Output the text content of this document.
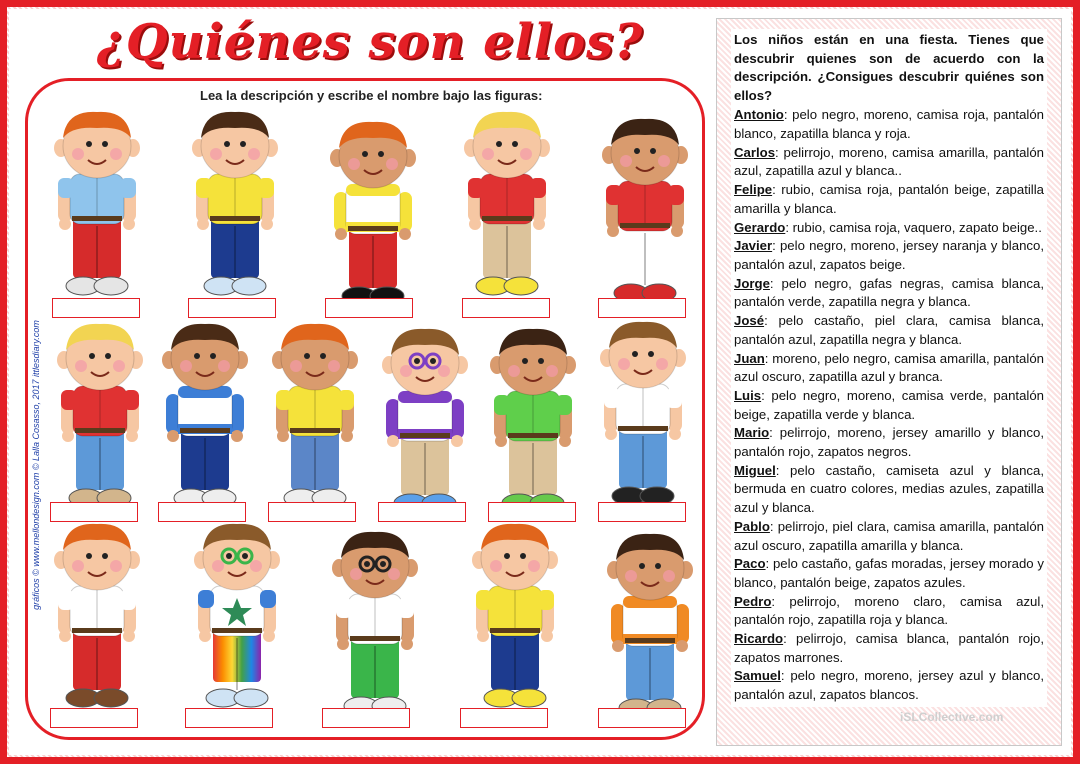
¿Quiénes son ellos?
Lea la descripción y escribe el nombre bajo las figuras:
gráficos © www.mellondesign.com © Lalla Cosasso, 2017 ittlesdiary.com

Los niños están en una fiesta. Tienes que descubrir quienes son de acuerdo con la descripción. ¿Consigues descubrir quiénes son ellos?

Antonio: pelo negro, moreno, camisa roja, pantalón blanco, zapatilla blanca y roja.

Carlos: pelirrojo, moreno, camisa amarilla, pantalón azul, zapatilla azul y blanca..

Felipe: rubio, camisa roja, pantalón beige, zapatilla amarilla y blanca.

Gerardo: rubio, camisa roja, vaquero, zapato beige..

Javier: pelo negro, moreno, jersey naranja y blanco, pantalón azul, zapatos beige.

Jorge: pelo negro, gafas negras, camisa blanca, pantalón verde, zapatilla negra y blanca.

José: pelo castaño, piel clara, camisa blanca, pantalón azul, zapatilla negra y blanca.

Juan: moreno, pelo negro, camisa amarilla, pantalón azul oscuro, zapatilla azul y branca.

Luis: pelo negro, moreno, camisa verde, pantalón beige, zapatilla verde y blanca.

Mario: pelirrojo, moreno, jersey amarillo y blanco, pantalón rojo, zapatos negros.

Miguel: pelo castaño, camiseta azul y blanca, bermuda en cuatro colores, medias azules, zapatilla azul y blanca.

Pablo: pelirrojo, piel clara, camisa amarilla, pantalón azul oscuro, zapatilla amarilla y blanca.

Paco: pelo castaño, gafas moradas, jersey morado y blanco, pantalón beige, zapatos azules.

Pedro: pelirrojo, moreno claro, camisa azul, pantalón rojo, zapatilla roja y blanca.

Ricardo: pelirrojo, camisa blanca, pantalón rojo, zapatos marrones.

Samuel: pelo negro, moreno, jersey azul y blanco, pantalón azul, zapatos blancos.

iSLCollective.com
